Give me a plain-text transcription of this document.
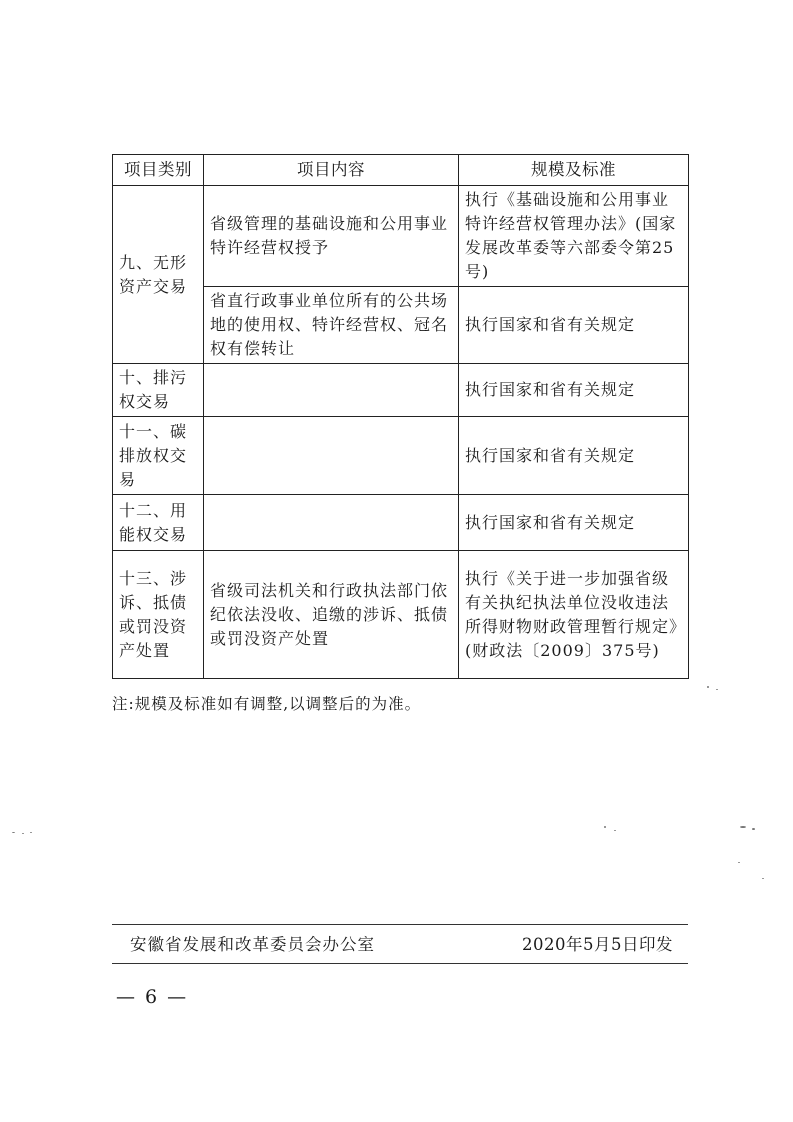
项目类别	项目内容	规模及标准
九、无形资产交易	省级管理的基础设施和公用事业特许经营权授予	执行《基础设施和公用事业特许经营权管理办法》(国家发展改革委等六部委令第25号)
	省直行政事业单位所有的公共场地的使用权、特许经营权、冠名权有偿转让	执行国家和省有关规定
十、排污权交易		执行国家和省有关规定
十一、碳排放权交易		执行国家和省有关规定
十二、用能权交易		执行国家和省有关规定
十三、涉诉、抵债或罚没资产处置	省级司法机关和行政执法部门依纪依法没收、追缴的涉诉、抵债或罚没资产处置	执行《关于进一步加强省级有关执纪执法单位没收违法所得财物财政管理暂行规定》(财政法〔2009〕375号)
注:规模及标准如有调整,以调整后的为准。
安徽省发展和改革委员会办公室	2020年5月5日印发
— 6 —
